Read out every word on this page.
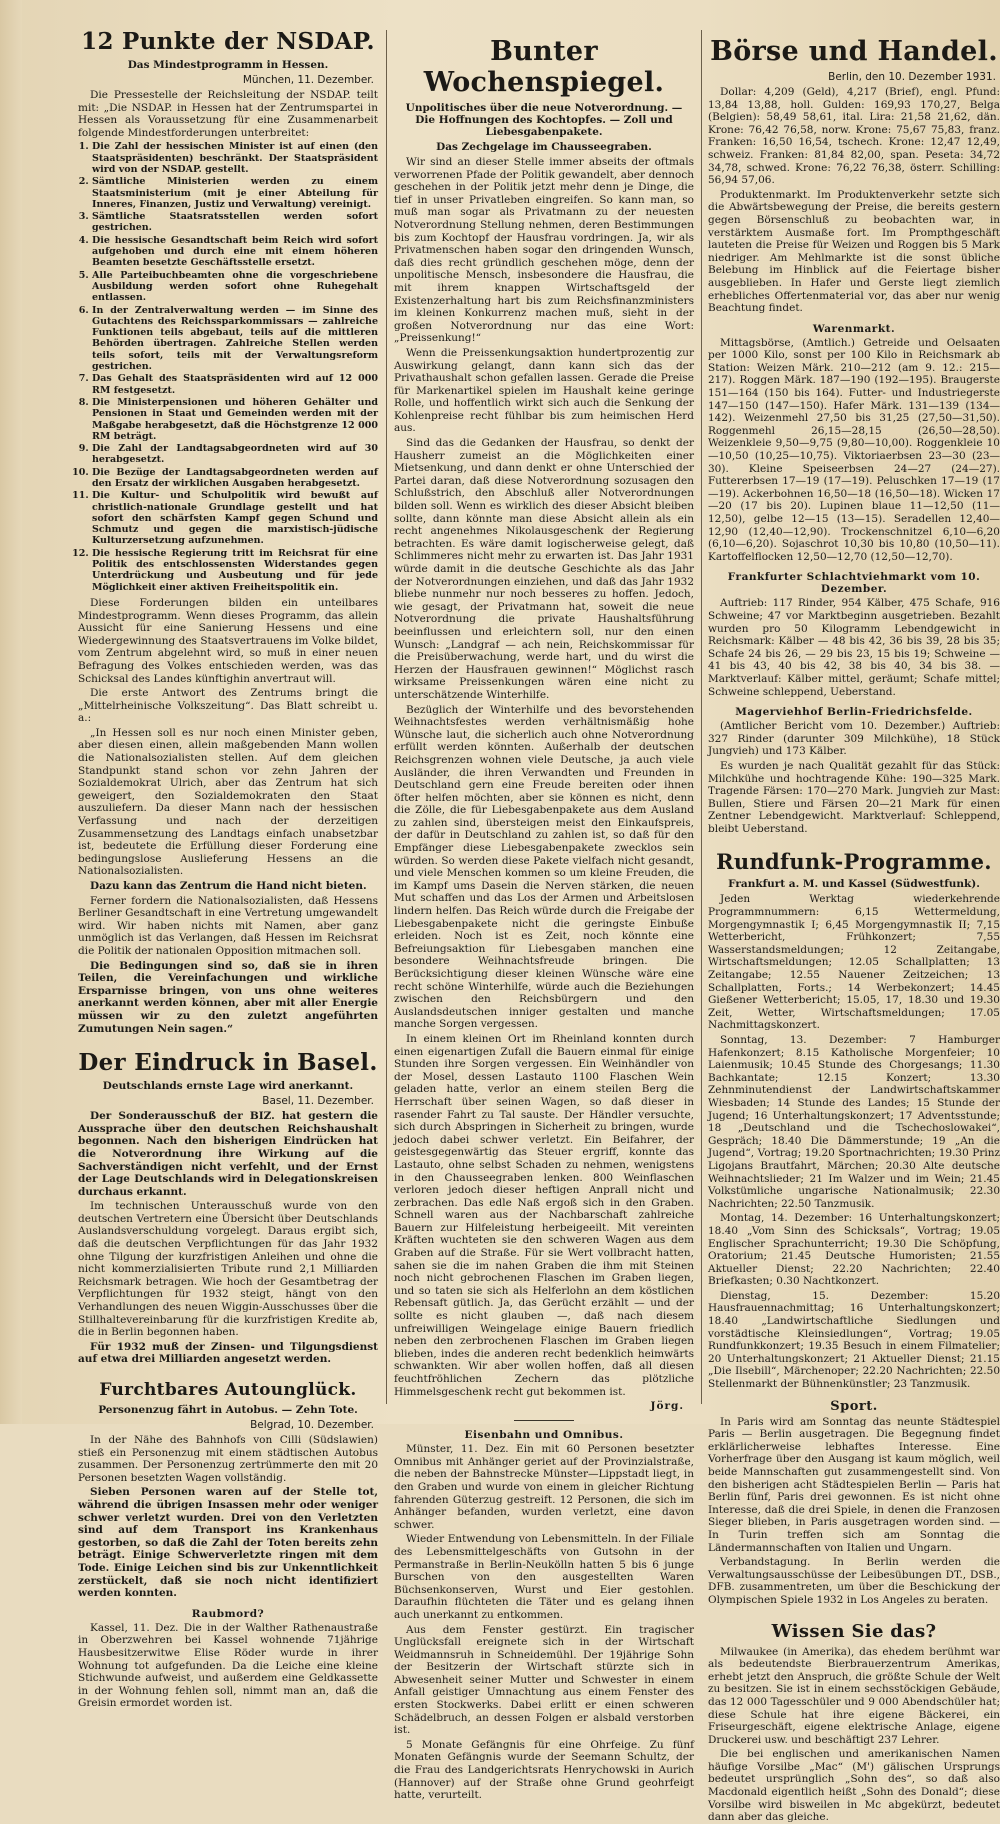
12 Punkte der NSDAP.
Das Mindestprogramm in Hessen.
München, 11. Dezember.

Die Pressestelle der Reichsleitung der NSDAP. teilt mit: „Die NSDAP. in Hessen hat der Zentrumspartei in Hessen als Voraussetzung für eine Zusammenarbeit folgende Mindestforderungen unterbreitet:

1. Die Zahl der hessischen Minister ist auf einen (den Staatspräsidenten) beschränkt. Der Staatspräsident wird von der NSDAP. gestellt.
2. Sämtliche Ministerien werden zu einem Staatsministerium (mit je einer Abteilung für Inneres, Finanzen, Justiz und Verwaltung) vereinigt.
3. Sämtliche Staatsratsstellen werden sofort gestrichen.
4. Die hessische Gesandtschaft beim Reich wird sofort aufgehoben und durch eine mit einem höheren Beamten besetzte Geschäftsstelle ersetzt.
5. Alle Parteibuchbeamten ohne die vorgeschriebene Ausbildung werden sofort ohne Ruhegehalt entlassen.
6. In der Zentralverwaltung werden — im Sinne des Gutachtens des Reichssparkommissars — zahlreiche Funktionen teils abgebaut, teils auf die mittleren Behörden übertragen. Zahlreiche Stellen werden teils sofort, teils mit der Verwaltungsreform gestrichen.
7. Das Gehalt des Staatspräsidenten wird auf 12 000 RM festgesetzt.
8. Die Ministerpensionen und höheren Gehälter und Pensionen in Staat und Gemeinden werden mit der Maßgabe herabgesetzt, daß die Höchstgrenze 12 000 RM beträgt.
9. Die Zahl der Landtagsabgeordneten wird auf 30 herabgesetzt.
10. Die Bezüge der Landtagsabgeordneten werden auf den Ersatz der wirklichen Ausgaben herabgesetzt.
11. Die Kultur- und Schulpolitik wird bewußt auf christlich-nationale Grundlage gestellt und hat sofort den schärfsten Kampf gegen Schund und Schmutz und gegen die marxistisch-jüdische Kulturzersetzung aufzunehmen.
12. Die hessische Regierung tritt im Reichsrat für eine Politik des entschlossensten Widerstandes gegen Unterdrückung und Ausbeutung und für jede Möglichkeit einer aktiven Freiheitspolitik ein.

Diese Forderungen bilden ein unteilbares Mindestprogramm. Wenn dieses Programm, das allein Aussicht für eine Sanierung Hessens und eine Wiedergewinnung des Staatsvertrauens im Volke bildet, vom Zentrum abgelehnt wird, so muß in einer neuen Befragung des Volkes entschieden werden, was das Schicksal des Landes künftighin anvertraut will.

Die erste Antwort des Zentrums bringt die „Mittelrheinische Volkszeitung“. Das Blatt schreibt u. a.:

„In Hessen soll es nur noch einen Minister geben, aber diesen einen, allein maßgebenden Mann wollen die Nationalsozialisten stellen. Auf dem gleichen Standpunkt stand schon vor zehn Jahren der Sozialdemokrat Ulrich, aber das Zentrum hat sich geweigert, den Sozialdemokraten den Staat auszuliefern. Da dieser Mann nach der hessischen Verfassung und nach der derzeitigen Zusammensetzung des Landtags einfach unabsetzbar ist, bedeutete die Erfüllung dieser Forderung eine bedingungslose Auslieferung Hessens an die Nationalsozialisten.

Dazu kann das Zentrum die Hand nicht bieten.

Ferner fordern die Nationalsozialisten, daß Hessens Berliner Gesandtschaft in eine Vertretung umgewandelt wird. Wir haben nichts mit Namen, aber ganz unmöglich ist das Verlangen, daß Hessen im Reichsrat die Politik der nationalen Opposition mitmachen soll.

Die Bedingungen sind so, daß sie in ihren Teilen, die Vereinfachungen und wirkliche Ersparnisse bringen, von uns ohne weiteres anerkannt werden können, aber mit aller Energie müssen wir zu den zuletzt angeführten Zumutungen Nein sagen.“

Der Eindruck in Basel.
Deutschlands ernste Lage wird anerkannt.
Basel, 11. Dezember.

Der Sonderausschuß der BIZ. hat gestern die Aussprache über den deutschen Reichshaushalt begonnen. Nach den bisherigen Eindrücken hat die Notverordnung ihre Wirkung auf die Sachverständigen nicht verfehlt, und der Ernst der Lage Deutschlands wird in Delegationskreisen durchaus erkannt.

Im technischen Unterausschuß wurde von den deutschen Vertretern eine Übersicht über Deutschlands Auslandsverschuldung vorgelegt. Daraus ergibt sich, daß die deutschen Verpflichtungen für das Jahr 1932 ohne Tilgung der kurzfristigen Anleihen und ohne die nicht kommerzialisierten Tribute rund 2,1 Milliarden Reichsmark betragen. Wie hoch der Gesamtbetrag der Verpflichtungen für 1932 steigt, hängt von den Verhandlungen des neuen Wiggin-Ausschusses über die Stillhaltevereinbarung für die kurzfristigen Kredite ab, die in Berlin begonnen haben.

Für 1932 muß der Zinsen- und Tilgungsdienst auf etwa drei Milliarden angesetzt werden.

Furchtbares Autounglück.
Personenzug fährt in Autobus. — Zehn Tote.
Belgrad, 10. Dezember.

In der Nähe des Bahnhofs von Cilli (Südslawien) stieß ein Personenzug mit einem städtischen Autobus zusammen. Der Personenzug zertrümmerte den mit 20 Personen besetzten Wagen vollständig.

Sieben Personen waren auf der Stelle tot, während die übrigen Insassen mehr oder weniger schwer verletzt wurden. Drei von den Verletzten sind auf dem Transport ins Krankenhaus gestorben, so daß die Zahl der Toten bereits zehn beträgt. Einige Schwerverletzte ringen mit dem Tode. Einige Leichen sind bis zur Unkenntlichkeit zerstückelt, daß sie noch nicht identifiziert werden konnten.

Raubmord?

Kassel, 11. Dez. Die in der Walther Rathenaustraße in Oberzwehren bei Kassel wohnende 71jährige Hausbesitzerwitwe Elise Röder wurde in ihrer Wohnung tot aufgefunden. Da die Leiche eine kleine Stichwunde aufweist, und außerdem eine Geldkassette in der Wohnung fehlen soll, nimmt man an, daß die Greisin ermordet worden ist.

Bunter Wochenspiegel.
Unpolitisches über die neue Notverordnung. — Die Hoffnungen des Kochtopfes. — Zoll und Liebesgabenpakete.
Das Zechgelage im Chausseegraben.

Wir sind an dieser Stelle immer abseits der oftmals verworrenen Pfade der Politik gewandelt, aber dennoch geschehen in der Politik jetzt mehr denn je Dinge, die tief in unser Privatleben eingreifen. So kann man, so muß man sogar als Privatmann zu der neuesten Notverordnung Stellung nehmen, deren Bestimmungen bis zum Kochtopf der Hausfrau vordringen. Ja, wir als Privatmenschen haben sogar den dringenden Wunsch, daß dies recht gründlich geschehen möge, denn der unpolitische Mensch, insbesondere die Hausfrau, die mit ihrem knappen Wirtschaftsgeld der Existenzerhaltung hart bis zum Reichsfinanzministers im kleinen Konkurrenz machen muß, sieht in der großen Notverordnung nur das eine Wort: „Preissenkung!“

Wenn die Preissenkungsaktion hundertprozentig zur Auswirkung gelangt, dann kann sich das der Privathaushalt schon gefallen lassen. Gerade die Preise für Markenartikel spielen im Haushalt keine geringe Rolle, und hoffentlich wirkt sich auch die Senkung der Kohlenpreise recht fühlbar bis zum heimischen Herd aus.

Sind das die Gedanken der Hausfrau, so denkt der Hausherr zumeist an die Möglichkeiten einer Mietsenkung, und dann denkt er ohne Unterschied der Partei daran, daß diese Notverordnung sozusagen den Schlußstrich, den Abschluß aller Notverordnungen bilden soll. Wenn es wirklich des dieser Absicht bleiben sollte, dann könnte man diese Absicht allein als ein recht angenehmes Nikolausgeschenk der Regierung betrachten. Es wäre damit logischerweise gelegt, daß Schlimmeres nicht mehr zu erwarten ist. Das Jahr 1931 würde damit in die deutsche Geschichte als das Jahr der Notverordnungen einziehen, und daß das Jahr 1932 bliebe nunmehr nur noch besseres zu hoffen. Jedoch, wie gesagt, der Privatmann hat, soweit die neue Notverordnung die private Haushaltsführung beeinflussen und erleichtern soll, nur den einen Wunsch: „Landgraf — ach nein, Reichskommissar für die Preisüberwachung, werde hart, und du wirst die Herzen der Hausfrauen gewinnen!“ Möglichst rasch wirksame Preissenkungen wären eine nicht zu unterschätzende Winterhilfe.

Bezüglich der Winterhilfe und des bevorstehenden Weihnachtsfestes werden verhältnismäßig hohe Wünsche laut, die sicherlich auch ohne Notverordnung erfüllt werden könnten. Außerhalb der deutschen Reichsgrenzen wohnen viele Deutsche, ja auch viele Ausländer, die ihren Verwandten und Freunden in Deutschland gern eine Freude bereiten oder ihnen öfter helfen möchten, aber sie können es nicht, denn die Zölle, die für Liebesgabenpakete aus dem Ausland zu zahlen sind, übersteigen meist den Einkaufspreis, der dafür in Deutschland zu zahlen ist, so daß für den Empfänger diese Liebesgabenpakete zwecklos sein würden. So werden diese Pakete vielfach nicht gesandt, und viele Menschen kommen so um kleine Freuden, die im Kampf ums Dasein die Nerven stärken, die neuen Mut schaffen und das Los der Armen und Arbeitslosen lindern helfen. Das Reich würde durch die Freigabe der Liebesgabenpakete nicht die geringste Einbuße erleiden. Noch ist es Zeit, noch könnte eine Befreiungsaktion für Liebesgaben manchen eine besondere Weihnachtsfreude bringen. Die Berücksichtigung dieser kleinen Wünsche wäre eine recht schöne Winterhilfe, würde auch die Beziehungen zwischen den Reichsbürgern und den Auslandsdeutschen inniger gestalten und manche manche Sorgen vergessen.

In einem kleinen Ort im Rheinland konnten durch einen eigenartigen Zufall die Bauern einmal für einige Stunden ihre Sorgen vergessen. Ein Weinhändler von der Mosel, dessen Lastauto 1100 Flaschen Wein geladen hatte, verlor an einem steilen Berg die Herrschaft über seinen Wagen, so daß dieser in rasender Fahrt zu Tal sauste. Der Händler versuchte, sich durch Abspringen in Sicherheit zu bringen, wurde jedoch dabei schwer verletzt. Ein Beifahrer, der geistesgegenwärtig das Steuer ergriff, konnte das Lastauto, ohne selbst Schaden zu nehmen, wenigstens in den Chausseegraben lenken. 800 Weinflaschen verloren jedoch dieser heftigen Anprall nicht und zerbrachen. Das edle Naß ergoß sich in den Graben. Schnell waren aus der Nachbarschaft zahlreiche Bauern zur Hilfeleistung herbeigeeilt. Mit vereinten Kräften wuchteten sie den schweren Wagen aus dem Graben auf die Straße. Für sie Wert vollbracht hatten, sahen sie die im nahen Graben die ihm mit Steinen noch nicht gebrochenen Flaschen im Graben liegen, und so taten sie sich als Helferlohn an dem köstlichen Rebensaft gütlich. Ja, das Gerücht erzählt — und der sollte es nicht glauben —, daß nach diesem unfreiwilligen Weingelage einige Bauern friedlich neben den zerbrochenen Flaschen im Graben liegen blieben, indes die anderen recht bedenklich heimwärts schwankten. Wir aber wollen hoffen, daß all diesen feuchtfröhlichen Zechern das plötzliche Himmelsgeschenk recht gut bekommen ist.

Jörg.
Eisenbahn und Omnibus.

Münster, 11. Dez. Ein mit 60 Personen besetzter Omnibus mit Anhänger geriet auf der Provinzialstraße, die neben der Bahnstrecke Münster—Lippstadt liegt, in den Graben und wurde von einem in gleicher Richtung fahrenden Güterzug gestreift. 12 Personen, die sich im Anhänger befanden, wurden verletzt, eine davon schwer.

Wieder Entwendung von Lebensmitteln. In der Filiale des Lebensmittelgeschäfts von Gutsohn in der Permanstraße in Berlin-Neukölln hatten 5 bis 6 junge Burschen von den ausgestellten Waren Büchsenkonserven, Wurst und Eier gestohlen. Daraufhin flüchteten die Täter und es gelang ihnen auch unerkannt zu entkommen.

Aus dem Fenster gestürzt. Ein tragischer Unglücksfall ereignete sich in der Wirtschaft Weidmannsruh in Schneidemühl. Der 19jährige Sohn der Besitzerin der Wirtschaft stürzte sich in Abwesenheit seiner Mutter und Schwester in einem Anfall geistiger Umnachtung aus einem Fenster des ersten Stockwerks. Dabei erlitt er einen schweren Schädelbruch, an dessen Folgen er alsbald verstorben ist.

5 Monate Gefängnis für eine Ohrfeige. Zu fünf Monaten Gefängnis wurde der Seemann Schultz, der die Frau des Landgerichtsrats Henrychowski in Aurich (Hannover) auf der Straße ohne Grund geohrfeigt hatte, verurteilt.

Börse und Handel.
Berlin, den 10. Dezember 1931.

Dollar: 4,209 (Geld), 4,217 (Brief), engl. Pfund: 13,84 13,88, holl. Gulden: 169,93 170,27, Belga (Belgien): 58,49 58,61, ital. Lira: 21,58 21,62, dän. Krone: 76,42 76,58, norw. Krone: 75,67 75,83, franz. Franken: 16,50 16,54, tschech. Krone: 12,47 12,49, schweiz. Franken: 81,84 82,00, span. Peseta: 34,72 34,78, schwed. Krone: 76,22 76,38, österr. Schilling: 56,94 57,06.

Produktenmarkt. Im Produktenverkehr setzte sich die Abwärtsbewegung der Preise, die bereits gestern gegen Börsenschluß zu beobachten war, in verstärktem Ausmaße fort. Im Prompthgeschäft lauteten die Preise für Weizen und Roggen bis 5 Mark niedriger. Am Mehlmarkte ist die sonst übliche Belebung im Hinblick auf die Feiertage bisher ausgeblieben. In Hafer und Gerste liegt ziemlich erhebliches Offertenmaterial vor, das aber nur wenig Beachtung findet.

Warenmarkt.

Mittagsbörse, (Amtlich.) Getreide und Oelsaaten per 1000 Kilo, sonst per 100 Kilo in Reichsmark ab Station: Weizen Märk. 210—212 (am 9. 12.: 215—217). Roggen Märk. 187—190 (192—195). Braugerste 151—164 (150 bis 164). Futter- und Industriegerste 147—150 (147—150). Hafer Märk. 131—139 (134—142). Weizenmehl 27,50 bis 31,25 (27,50—31,50). Roggenmehl 26,15—28,15 (26,50—28,50). Weizenkleie 9,50—9,75 (9,80—10,00). Roggenkleie 10—10,50 (10,25—10,75). Viktoriaerbsen 23—30 (23—30). Kleine Speiseerbsen 24—27 (24—27). Futtererbsen 17—19 (17—19). Peluschken 17—19 (17—19). Ackerbohnen 16,50—18 (16,50—18). Wicken 17—20 (17 bis 20). Lupinen blaue 11—12,50 (11—12,50), gelbe 12—15 (13—15). Seradellen 12,40—12,90 (12,40—12,90). Trockenschnitzel 6,10—6,20 (6,10—6,20). Sojaschrot 10,30 bis 10,80 (10,50—11). Kartoffelflocken 12,50—12,70 (12,50—12,70).

Frankfurter Schlachtviehmarkt vom 10. Dezember.

Auftrieb: 117 Rinder, 954 Kälber, 475 Schafe, 916 Schweine; 47 vor Marktbeginn ausgetrieben. Bezahlt wurden pro 50 Kilogramm Lebendgewicht in Reichsmark: Kälber — 48 bis 42, 36 bis 39, 28 bis 35; Schafe 24 bis 26, — 29 bis 23, 15 bis 19; Schweine — 41 bis 43, 40 bis 42, 38 bis 40, 34 bis 38. — Marktverlauf: Kälber mittel, geräumt; Schafe mittel; Schweine schleppend, Ueberstand.

Magerviehhof Berlin-Friedrichsfelde.

(Amtlicher Bericht vom 10. Dezember.) Auftrieb: 327 Rinder (darunter 309 Milchkühe), 18 Stück Jungvieh) und 173 Kälber.

Es wurden je nach Qualität gezahlt für das Stück: Milchkühe und hochtragende Kühe: 190—325 Mark. Tragende Färsen: 170—270 Mark. Jungvieh zur Mast: Bullen, Stiere und Färsen 20—21 Mark für einen Zentner Lebendgewicht. Marktverlauf: Schleppend, bleibt Ueberstand.

Rundfunk-Programme.
Frankfurt a. M. und Kassel (Südwestfunk).

Jeden Werktag wiederkehrende Programmnummern: 6,15 Wettermeldung, Morgengymnastik I; 6,45 Morgengymnastik II; 7,15 Wetterbericht, Frühkonzert; 7,55 Wasserstandsmeldungen; 12 Zeitangabe, Wirtschaftsmeldungen; 12.05 Schallplatten; 13 Zeitangabe; 12.55 Nauener Zeitzeichen; 13 Schallplatten, Forts.; 14 Werbekonzert; 14.45 Gießener Wetterbericht; 15.05, 17, 18.30 und 19.30 Zeit, Wetter, Wirtschaftsmeldungen; 17.05 Nachmittagskonzert.

Sonntag, 13. Dezember: 7 Hamburger Hafenkonzert; 8.15 Katholische Morgenfeier; 10 Laienmusik; 10.45 Stunde des Chorgesangs; 11.30 Bachkantate; 12.15 Konzert; 13.30 Zehnminutendienst der Landwirtschaftskammer Wiesbaden; 14 Stunde des Landes; 15 Stunde der Jugend; 16 Unterhaltungskonzert; 17 Adventsstunde; 18 „Deutschland und die Tschechoslowakei“, Gespräch; 18.40 Die Dämmerstunde; 19 „An die Jugend“, Vortrag; 19.20 Sportnachrichten; 19.30 Prinz Ligojans Brautfahrt, Märchen; 20.30 Alte deutsche Weihnachtslieder; 21 Im Walzer und im Wein; 21.45 Volkstümliche ungarische Nationalmusik; 22.30 Nachrichten; 22.50 Tanzmusik.

Montag, 14. Dezember: 16 Unterhaltungskonzert; 18.40 „Vom Sinn des Schicksals“, Vortrag; 19.05 Englischer Sprachunterricht; 19.30 Die Schöpfung, Oratorium; 21.45 Deutsche Humoristen; 21.55 Aktueller Dienst; 22.20 Nachrichten; 22.40 Briefkasten; 0.30 Nachtkonzert.

Dienstag, 15. Dezember: 15.20 Hausfrauennachmittag; 16 Unterhaltungskonzert; 18.40 „Landwirtschaftliche Siedlungen und vorstädtische Kleinsiedlungen“, Vortrag; 19.05 Rundfunkkonzert; 19.35 Besuch in einem Filmatelier; 20 Unterhaltungskonzert; 21 Aktueller Dienst; 21.15 „Die Ilsebill“, Märchenoper; 22.20 Nachrichten; 22.50 Stellenmarkt der Bühnenkünstler; 23 Tanzmusik.

Sport.

In Paris wird am Sonntag das neunte Städtespiel Paris — Berlin ausgetragen. Die Begegnung findet erklärlicherweise lebhaftes Interesse. Eine Vorherfrage über den Ausgang ist kaum möglich, weil beide Mannschaften gut zusammengestellt sind. Von den bisherigen acht Städtespielen Berlin — Paris hat Berlin fünf, Paris drei gewonnen. Es ist nicht ohne Interesse, daß die drei Spiele, in denen die Franzosen Sieger blieben, in Paris ausgetragen worden sind. — In Turin treffen sich am Sonntag die Ländermannschaften von Italien und Ungarn.

Verbandstagung. In Berlin werden die Verwaltungsausschüsse der Leibesübungen DT., DSB., DFB. zusammentreten, um über die Beschickung der Olympischen Spiele 1932 in Los Angeles zu beraten.

Wissen Sie das?

Milwaukee (in Amerika), das ehedem berühmt war als bedeutendste Bierbrauerzentrum Amerikas, erhebt jetzt den Anspruch, die größte Schule der Welt zu besitzen. Sie ist in einem sechsstöckigen Gebäude, das 12 000 Tagesschüler und 9 000 Abendschüler hat; diese Schule hat ihre eigene Bäckerei, ein Friseurgeschäft, eigene elektrische Anlage, eigene Druckerei usw. und beschäftigt 237 Lehrer.

Die bei englischen und amerikanischen Namen häufige Vorsilbe „Mac“ (M') gälischen Ursprungs bedeutet ursprünglich „Sohn des“, so daß also Macdonald eigentlich heißt „Sohn des Donald“; diese Vorsilbe wird bisweilen in Mc abgekürzt, bedeutet dann aber das gleiche.
